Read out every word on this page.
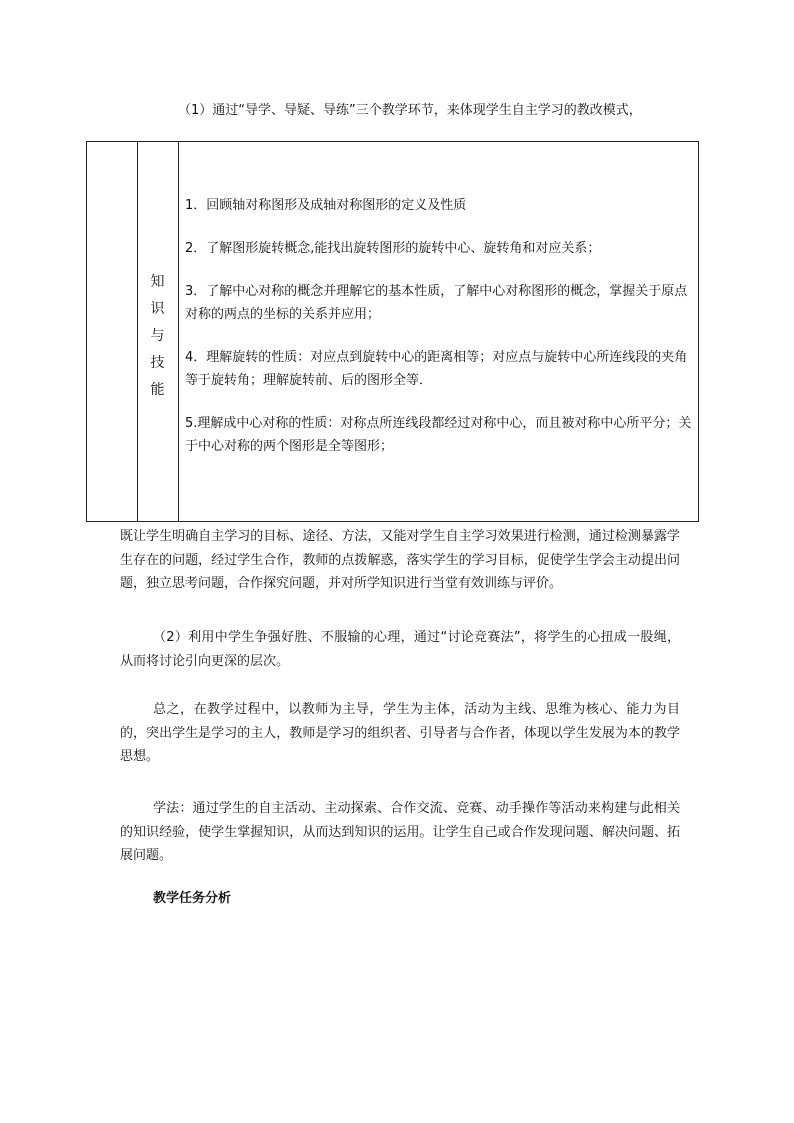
（1）通过“导学、导疑、导练”三个教学环节，来体现学生自主学习的教改模式，
知
识
与
技
能

1．回顾轴对称图形及成轴对称图形的定义及性质

2．了解图形旋转概念,能找出旋转图形的旋转中心、旋转角和对应关系；

3．了解中心对称的概念并理解它的基本性质，了解中心对称图形的概念，掌握关于原点对称的两点的坐标的关系并应用；

4．理解旋转的性质：对应点到旋转中心的距离相等；对应点与旋转中心所连线段的夹角等于旋转角；理解旋转前、后的图形全等．

5.理解成中心对称的性质：对称点所连线段都经过对称中心，而且被对称中心所平分；关于中心对称的两个图形是全等图形；

既让学生明确自主学习的目标、途径、方法，又能对学生自主学习效果进行检测，通过检测暴露学生存在的问题，经过学生合作，教师的点拨解惑，落实学生的学习目标，促使学生学会主动提出问题，独立思考问题，合作探究问题，并对所学知识进行当堂有效训练与评价。
（2）利用中学生争强好胜、不服输的心理，通过“讨论竞赛法”，将学生的心扭成一股绳，从而将讨论引向更深的层次。
总之，在教学过程中，以教师为主导，学生为主体，活动为主线、思维为核心、能力为目的，突出学生是学习的主人，教师是学习的组织者、引导者与合作者，体现以学生发展为本的教学思想。
学法：通过学生的自主活动、主动探索、合作交流、竞赛、动手操作等活动来构建与此相关的知识经验，使学生掌握知识，从而达到知识的运用。让学生自己或合作发现问题、解决问题、拓展问题。
教学任务分析
